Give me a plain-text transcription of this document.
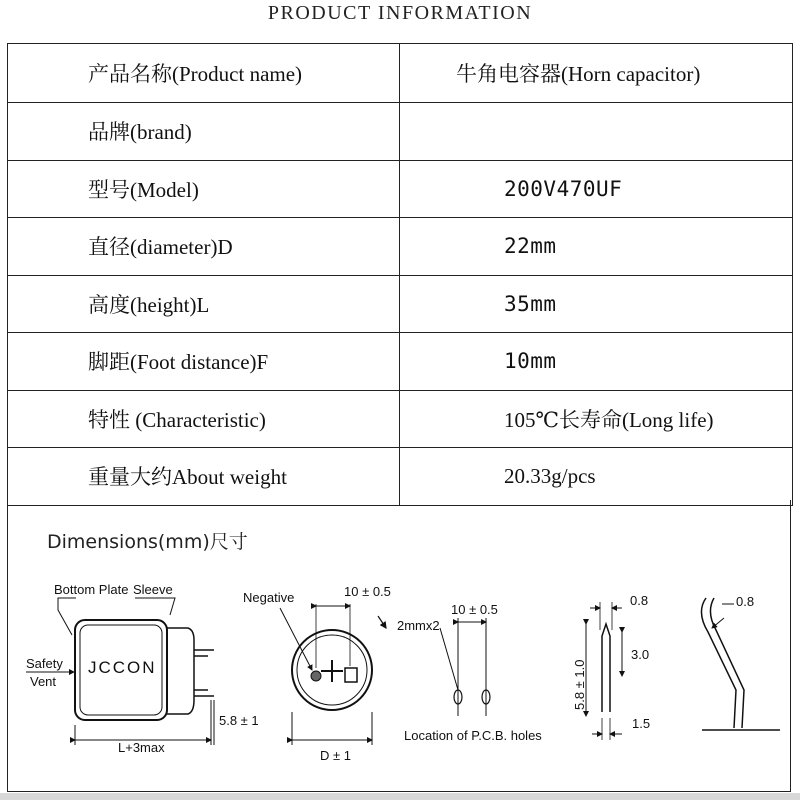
PRODUCT INFORMATION
产品名称(Product name)	牛角电容器(Horn capacitor)
品牌(brand)	
型号(Model)	200V470UF
直径(diameter)D	22mm
高度(height)L	35mm
脚距(Foot distance)F	10mm
特性 (Characteristic)	105℃长寿命(Long life)
重量大约About weight	20.33g/pcs
Dimensions(mm)尺寸
JCCON
Bottom Plate Sleeve
Safety
Vent
L+3max
5.8 ± 1
Negative	10 ± 0.5
D ± 1
2mmx2
10 ± 0.5
Location of P.C.B. holes
0.8
5.8 ± 1.0
3.0
1.5
0.8
